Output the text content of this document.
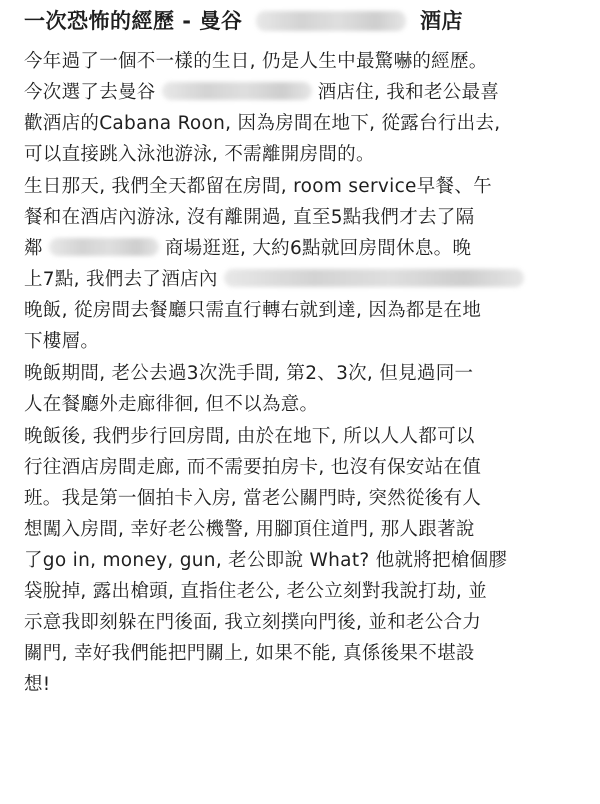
一次恐怖的經歷 - 曼谷	酒店
今年過了一個不一樣的生日, 仍是人生中最驚嚇的經歷。
今次選了去曼谷	酒店住, 我和老公最喜
歡酒店的Cabana Roon, 因為房間在地下, 從露台行出去,
可以直接跳入泳池游泳, 不需離開房間的。
生日那天, 我們全天都留在房間, room service早餐、午
餐和在酒店內游泳, 沒有離開過, 直至5點我們才去了隔
鄰	商場逛逛, 大約6點就回房間休息。晚
上7點, 我們去了酒店內
晚飯, 從房間去餐廳只需直行轉右就到達, 因為都是在地
下樓層。
晚飯期間, 老公去過3次洗手間, 第2、3次, 但見過同一
人在餐廳外走廊徘徊, 但不以為意。
晚飯後, 我們步行回房間, 由於在地下, 所以人人都可以
行往酒店房間走廊, 而不需要拍房卡, 也沒有保安站在值
班。我是第一個拍卡入房, 當老公關門時, 突然從後有人
想闖入房間, 幸好老公機警, 用腳頂住道門, 那人跟著說
了go in, money, gun, 老公即說 What? 他就將把槍個膠
袋脫掉, 露出槍頭, 直指住老公, 老公立刻對我說打劫, 並
示意我即刻躲在門後面, 我立刻撲向門後, 並和老公合力
關門, 幸好我們能把門關上, 如果不能, 真係後果不堪設
想!
